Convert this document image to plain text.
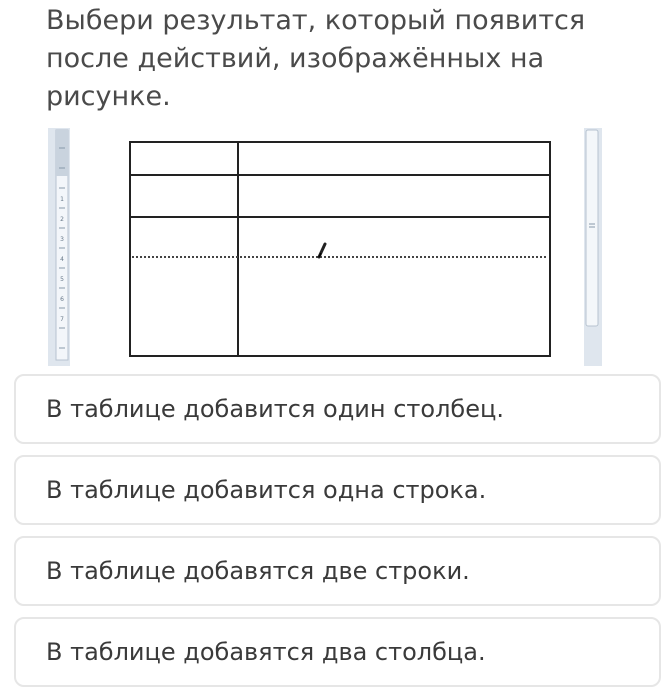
Выбери результат, который появится после действий, изображённых на рисунке.
1
2
3
4
5
6
7
В таблице добавится один столбец.
В таблице добавится одна строка.
В таблице добавятся две строки.
В таблице добавятся два столбца.
